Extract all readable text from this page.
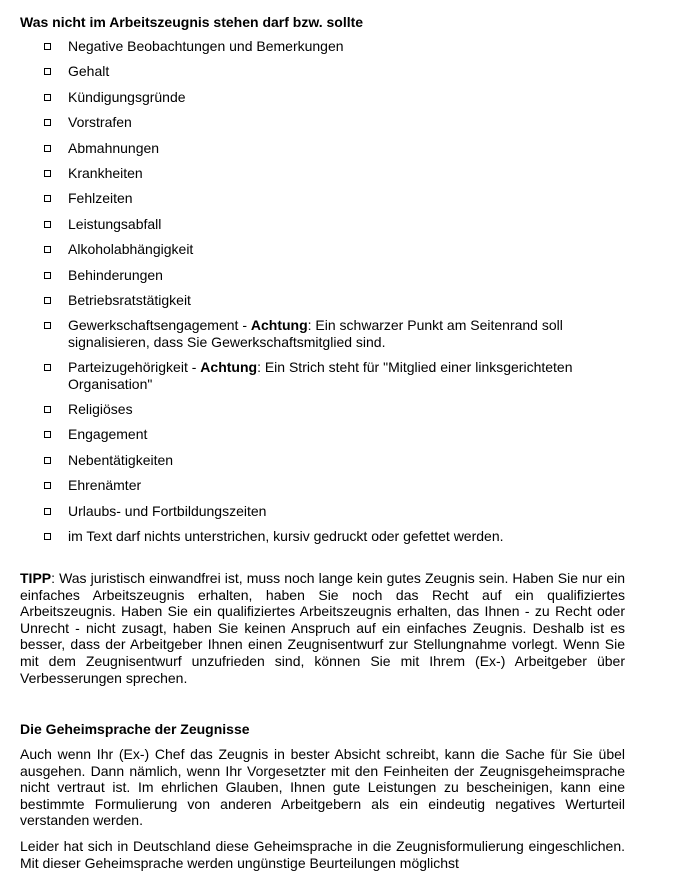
Was nicht im Arbeitszeugnis stehen darf bzw. sollte
Negative Beobachtungen und Bemerkungen
Gehalt
Kündigungsgründe
Vorstrafen
Abmahnungen
Krankheiten
Fehlzeiten
Leistungsabfall
Alkoholabhängigkeit
Behinderungen
Betriebsratstätigkeit
Gewerkschaftsengagement - Achtung: Ein schwarzer Punkt am Seitenrand soll signalisieren, dass Sie Gewerkschaftsmitglied sind.
Parteizugehörigkeit - Achtung: Ein Strich steht für "Mitglied einer linksgerichteten Organisation"
Religiöses
Engagement
Nebentätigkeiten
Ehrenämter
Urlaubs- und Fortbildungszeiten
im Text darf nichts unterstrichen, kursiv gedruckt oder gefettet werden.

TIPP: Was juristisch einwandfrei ist, muss noch lange kein gutes Zeugnis sein. Haben Sie nur ein einfaches Arbeitszeugnis erhalten, haben Sie noch das Recht auf ein qualifiziertes Arbeitszeugnis. Haben Sie ein qualifiziertes Arbeitszeugnis erhalten, das Ihnen - zu Recht oder Unrecht - nicht zusagt, haben Sie keinen Anspruch auf ein einfaches Zeugnis. Deshalb ist es besser, dass der Arbeitgeber Ihnen einen Zeugnisentwurf zur Stellungnahme vorlegt. Wenn Sie mit dem Zeugnisentwurf unzufrieden sind, können Sie mit Ihrem (Ex-) Arbeitgeber über Verbesserungen sprechen.

Die Geheimsprache der Zeugnisse

Auch wenn Ihr (Ex-) Chef das Zeugnis in bester Absicht schreibt, kann die Sache für Sie übel ausgehen. Dann nämlich, wenn Ihr Vorgesetzter mit den Feinheiten der Zeugnisgeheimsprache nicht vertraut ist. Im ehrlichen Glauben, Ihnen gute Leistungen zu bescheinigen, kann eine bestimmte Formulierung von anderen Arbeitgebern als ein eindeutig negatives Werturteil verstanden werden.

Leider hat sich in Deutschland diese Geheimsprache in die Zeugnisformulierung eingeschlichen. Mit dieser Geheimsprache werden ungünstige Beurteilungen möglichst
